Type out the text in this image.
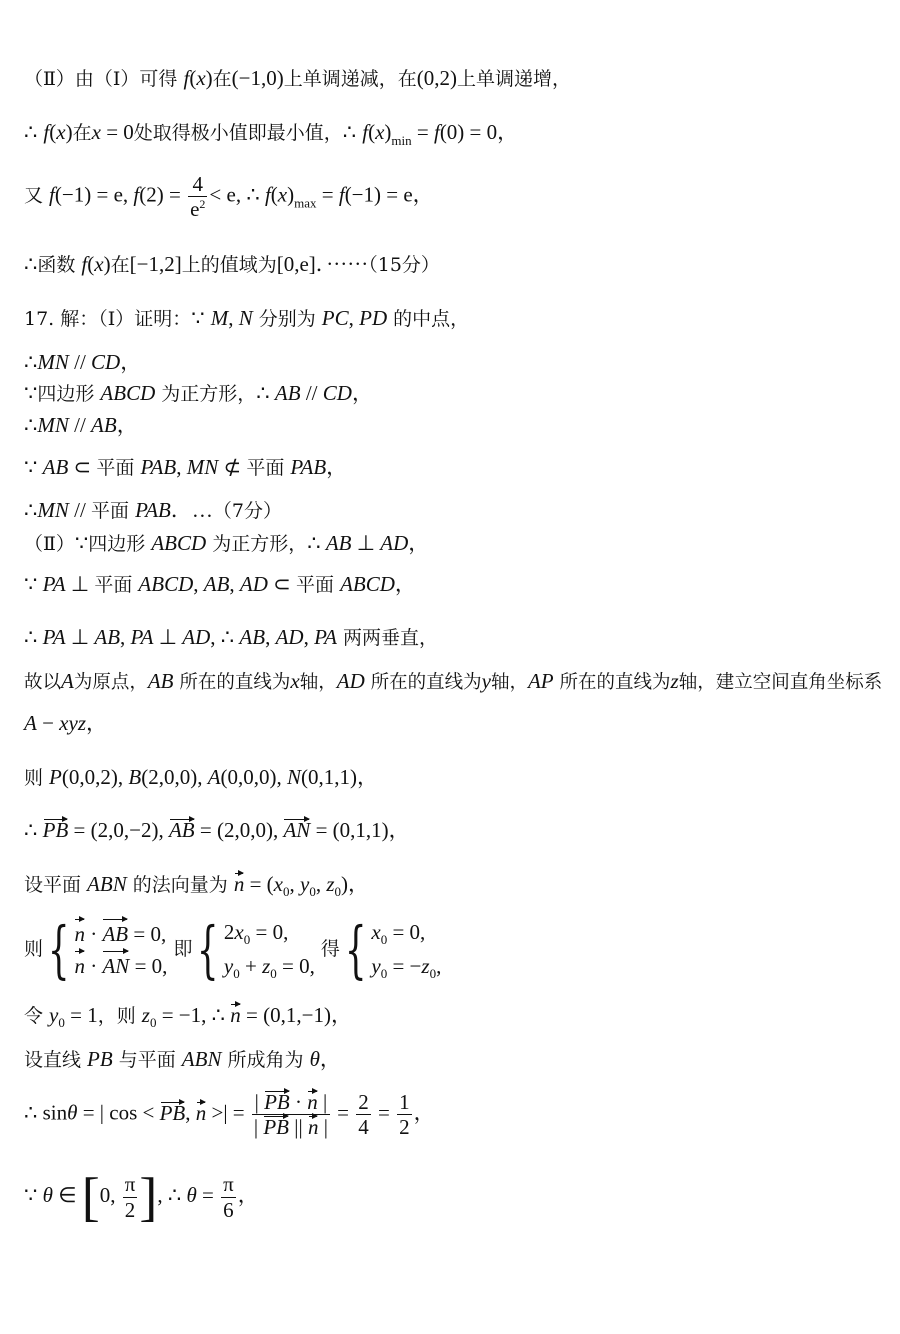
（Ⅱ）由（I）可得 f(x)在(−1,0)上单调递减，在(0,2)上单调递增，
∴ f(x)在x = 0处取得极小值即最小值，∴ $f(x)_{min} = f(0) = 0$，
又 f(−1) = e, $f(2) = \frac{4}{e^2} < e$, ∴ $f(x)_{max} = f(-1) = e$，
∴函数 f(x)在[−1,2]上的值域为[0,e]．······（15分）
17. 解：（I）证明：∵ M, N 分别为 PC, PD 的中点，
∴MN // CD，
∵四边形 ABCD 为正方形，∴ AB // CD，
∴MN // AB，
∵ AB ⊂ 平面 PAB, MN ⊄ 平面 PAB，
∴MN // 平面 PAB．…（7分）
（Ⅱ）∵四边形 ABCD 为正方形，∴ AB ⊥ AD，
∵ PA ⊥ 平面 ABCD, AB, AD ⊂ 平面 ABCD，
∴ PA ⊥ AB, PA ⊥ AD, ∴ AB, AD, PA 两两垂直，
故以A为原点，AB 所在的直线为x轴，AD 所在的直线为y轴，AP 所在的直线为z轴，建立空间直角坐标系
A − xyz，
则 P(0,0,2), B(2,0,0), A(0,0,0), N(0,1,1)，
∴ PB = (2,0,−2), AB = (2,0,0), AN = (0,1,1)，
设平面 ABN 的法向量为 $n = (x_0$, $y_0$, $z_0$)，
则 { n · AB = 0,
n · AN = 0,
即 { $2x_0 = 0$,
$y_0 + z_0 = 0$,
得 { $x_0 = 0$,
$y_0 = -z_0$,
令 $y_0 = 1$，则 $z_0 = -1$, ∴ n = (0,1,−1)，
设直线 PB 与平面 ABN 所成角为 θ，
∴ sinθ = | cos < PB, n >| = $\frac{| PB \cdot n |}{| PB || n |} = \frac{2}{4} = \frac{1}{2}$ ，
∵ θ ∈ [0, $\frac{\pi}{2}$ ], ∴ $\theta = \frac{\pi}{6}$ ，
